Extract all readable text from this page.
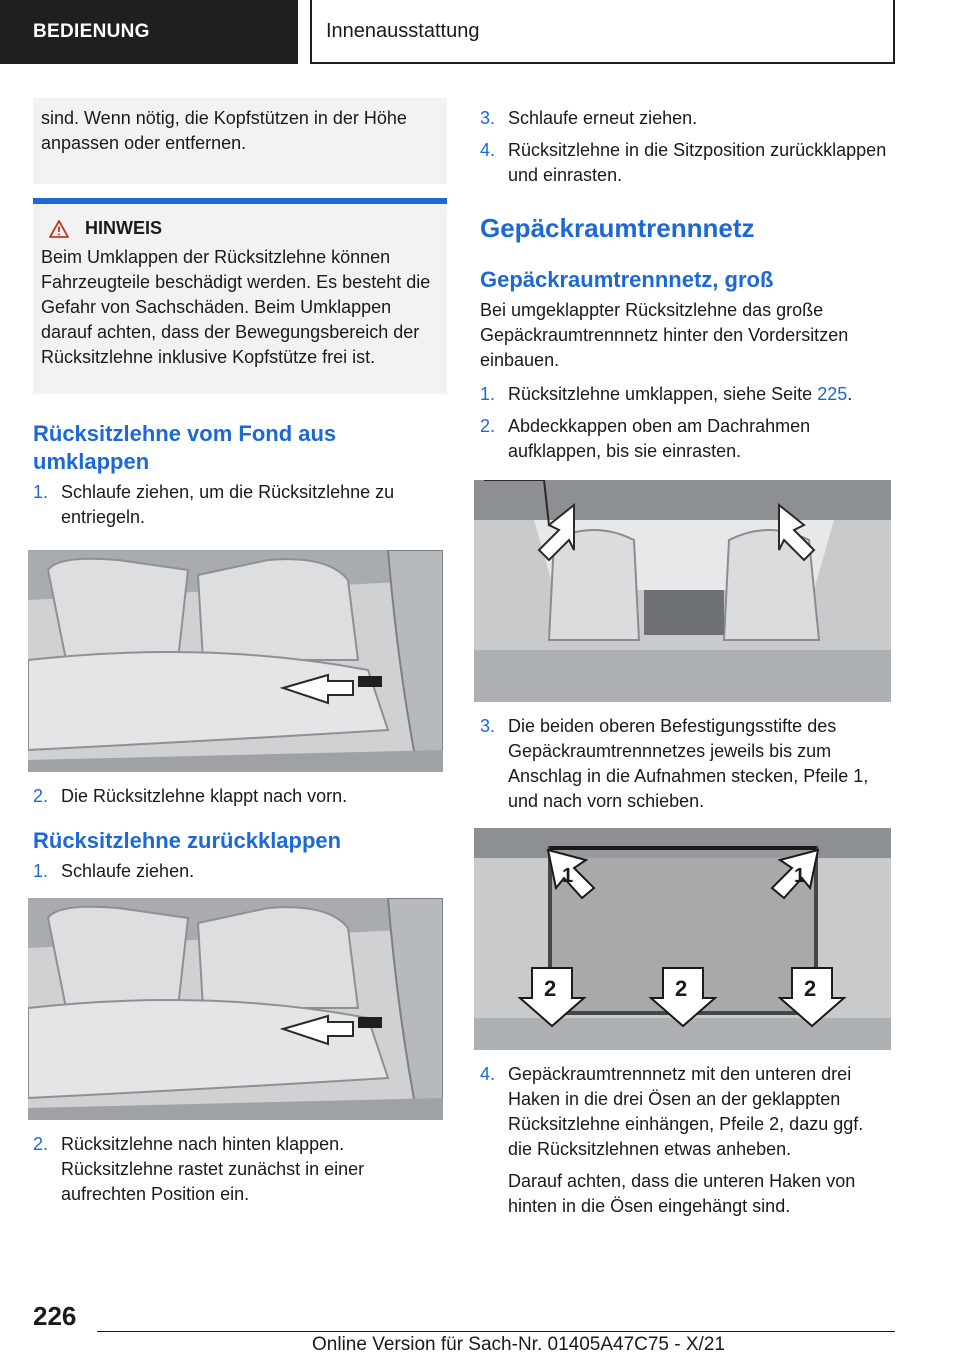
BEDIENUNG	Innenausstattung

sind. Wenn nötig, die Kopfstützen in der Höhe anpassen oder entfernen.

HINWEIS

Beim Umklappen der Rücksitzlehne können Fahrzeugteile beschädigt werden. Es besteht die Gefahr von Sachschäden. Beim Umklappen darauf achten, dass der Bewegungsbereich der Rücksitzlehne inklusive Kopfstütze frei ist.

Rücksitzlehne vom Fond aus umklappen
1. Schlaufe ziehen, um die Rücksitzlehne zu entriegeln.
2. Die Rücksitzlehne klappt nach vorn.
Rücksitzlehne zurückklappen
1. Schlaufe ziehen.
2. Rücksitzlehne nach hinten klappen. Rücksitzlehne rastet zunächst in einer aufrechten Position ein.
3. Schlaufe erneut ziehen.
4. Rücksitzlehne in die Sitzposition zurückklappen und einrasten.
Gepäckraumtrennnetz
Gepäckraumtrennnetz, groß

Bei umgeklappter Rücksitzlehne das große Gepäckraumtrennnetz hinter den Vordersitzen einbauen.

1. Rücksitzlehne umklappen, siehe Seite 225.
2. Abdeckkappen oben am Dachrahmen aufklappen, bis sie einrasten.
3. Die beiden oberen Befestigungsstifte des Gepäckraumtrennnetzes jeweils bis zum Anschlag in die Aufnahmen stecken, Pfeile 1, und nach vorn schieben.
1	1
2	2	2
4. Gepäckraumtrennnetz mit den unteren drei Haken in die drei Ösen an der geklappten Rücksitzlehne einhängen, Pfeile 2, dazu ggf. die Rücksitzlehnen etwas anheben.

Darauf achten, dass die unteren Haken von hinten in die Ösen eingehängt sind.

226
Online Version für Sach-Nr. 01405A47C75 - X/21
